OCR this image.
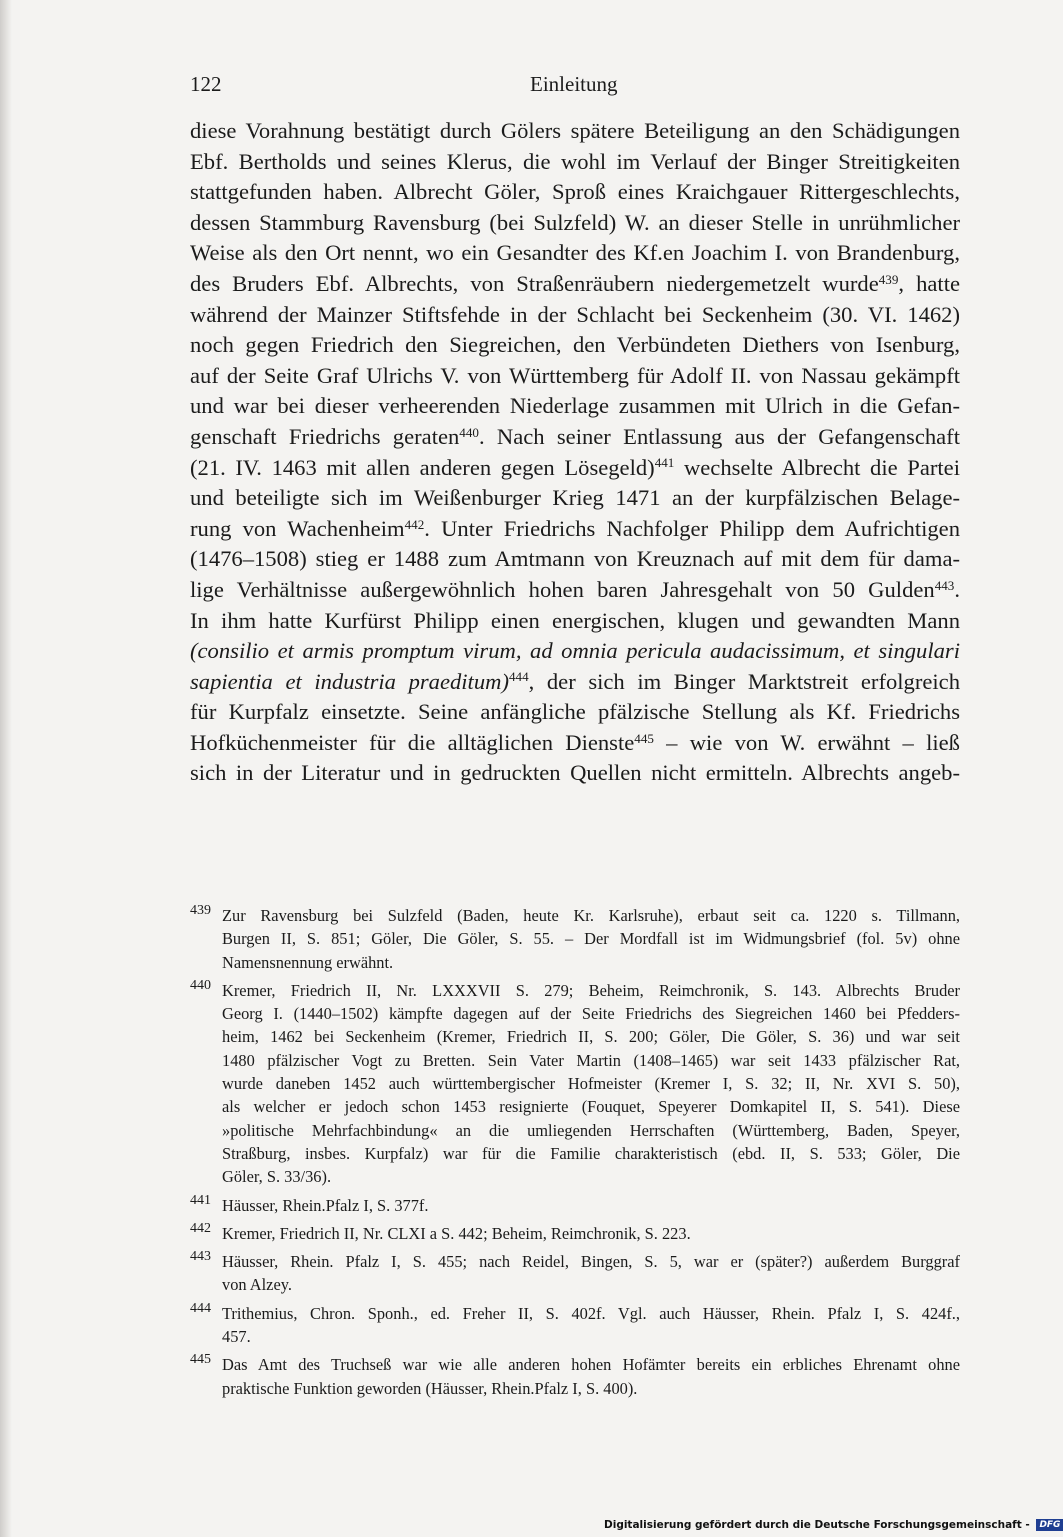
122	Einleitung
diese Vorahnung bestätigt durch Gölers spätere Beteiligung an den Schädigungen
Ebf. Bertholds und seines Klerus, die wohl im Verlauf der Binger Streitigkeiten
stattgefunden haben. Albrecht Göler, Sproß eines Kraichgauer Rittergeschlechts,
dessen Stammburg Ravensburg (bei Sulzfeld) W. an dieser Stelle in unrühmlicher
Weise als den Ort nennt, wo ein Gesandter des Kf.en Joachim I. von Brandenburg,
des Bruders Ebf. Albrechts, von Straßenräubern niedergemetzelt wurde$^{439}$, hatte
während der Mainzer Stiftsfehde in der Schlacht bei Seckenheim (30. VI. 1462)
noch gegen Friedrich den Siegreichen, den Verbündeten Diethers von Isenburg,
auf der Seite Graf Ulrichs V. von Württemberg für Adolf II. von Nassau gekämpft
und war bei dieser verheerenden Niederlage zusammen mit Ulrich in die Gefan-
genschaft Friedrichs geraten$^{440}$. Nach seiner Entlassung aus der Gefangenschaft
(21. IV. 1463 mit allen anderen gegen Lösegeld)$^{441}$ wechselte Albrecht die Partei
und beteiligte sich im Weißenburger Krieg 1471 an der kurpfälzischen Belage-
rung von Wachenheim$^{442}$. Unter Friedrichs Nachfolger Philipp dem Aufrichtigen
(1476–1508) stieg er 1488 zum Amtmann von Kreuznach auf mit dem für dama-
lige Verhältnisse außergewöhnlich hohen baren Jahresgehalt von 50 Gulden$^{443}$.
In ihm hatte Kurfürst Philipp einen energischen, klugen und gewandten Mann
(consilio et armis promptum virum, ad omnia pericula audacissimum, et singulari
sapientia et industria praeditum)$^{444}$, der sich im Binger Marktstreit erfolgreich
für Kurpfalz einsetzte. Seine anfängliche pfälzische Stellung als Kf. Friedrichs
Hofküchenmeister für die alltäglichen Dienste$^{445}$ – wie von W. erwähnt – ließ
sich in der Literatur und in gedruckten Quellen nicht ermitteln. Albrechts angeb-
439 Zur Ravensburg bei Sulzfeld (Baden, heute Kr. Karlsruhe), erbaut seit ca. 1220 s. Tillmann,
Burgen II, S. 851; Göler, Die Göler, S. 55. – Der Mordfall ist im Widmungsbrief (fol. 5v) ohne
Namensnennung erwähnt.
440 Kremer, Friedrich II, Nr. LXXXVII S. 279; Beheim, Reimchronik, S. 143. Albrechts Bruder
Georg I. (1440–1502) kämpfte dagegen auf der Seite Friedrichs des Siegreichen 1460 bei Pfedders-
heim, 1462 bei Seckenheim (Kremer, Friedrich II, S. 200; Göler, Die Göler, S. 36) und war seit
1480 pfälzischer Vogt zu Bretten. Sein Vater Martin (1408–1465) war seit 1433 pfälzischer Rat,
wurde daneben 1452 auch württembergischer Hofmeister (Kremer I, S. 32; II, Nr. XVI S. 50),
als welcher er jedoch schon 1453 resignierte (Fouquet, Speyerer Domkapitel II, S. 541). Diese
»politische Mehrfachbindung« an die umliegenden Herrschaften (Württemberg, Baden, Speyer,
Straßburg, insbes. Kurpfalz) war für die Familie charakteristisch (ebd. II, S. 533; Göler, Die
Göler, S. 33/36).
441 Häusser, Rhein.Pfalz I, S. 377f.
442 Kremer, Friedrich II, Nr. CLXI a S. 442; Beheim, Reimchronik, S. 223.
443 Häusser, Rhein. Pfalz I, S. 455; nach Reidel, Bingen, S. 5, war er (später?) außerdem Burggraf
von Alzey.
444 Trithemius, Chron. Sponh., ed. Freher II, S. 402f. Vgl. auch Häusser, Rhein. Pfalz I, S. 424f.,
457.
445 Das Amt des Truchseß war wie alle anderen hohen Hofämter bereits ein erbliches Ehrenamt ohne
praktische Funktion geworden (Häusser, Rhein.Pfalz I, S. 400).
Digitalisierung gefördert durch die Deutsche Forschungsgemeinschaft - DFG
